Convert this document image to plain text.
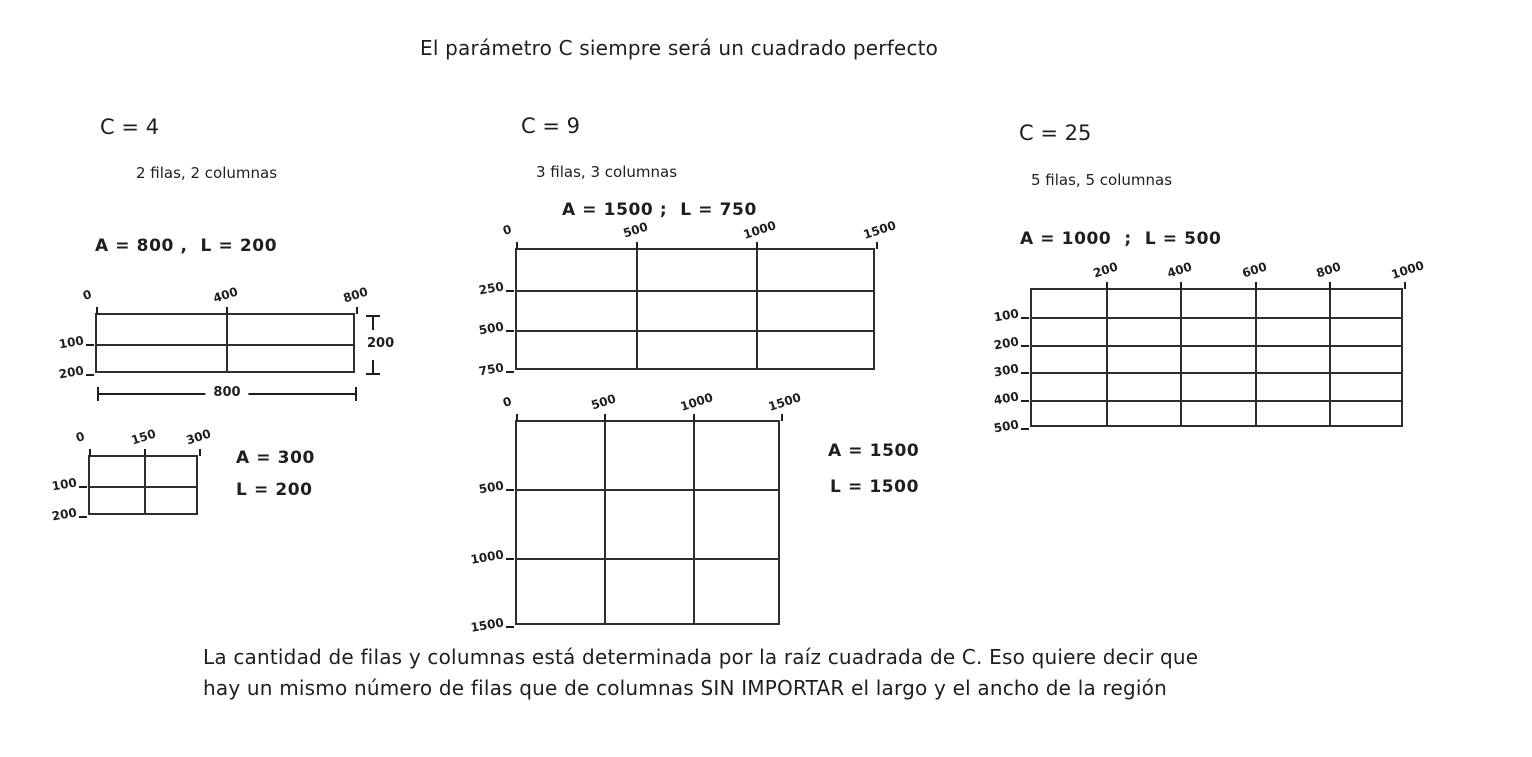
El parámetro C siempre será un cuadrado perfecto
C = 4
2 filas, 2 columnas
A = 800 ,  L = 200
C = 9
3 filas, 3 columnas
A = 1500 ;  L = 750
C = 25
5 filas, 5 columnas
A = 1000  ;  L = 500
La cantidad de filas y columnas está determinada por la raíz cuadrada de C. Eso quiere decir que
hay un mismo número de filas que de columnas SIN IMPORTAR el largo y el ancho de la región
0	400	800
100
200
200
800
0	150 300
100
200
0	500	1000	1500
250
500
750
0	500	1000	1500
500
1000
1500
200	400	600	800	1000
100
200
300
400
500
A = 300
L = 200
A = 1500
L = 1500
